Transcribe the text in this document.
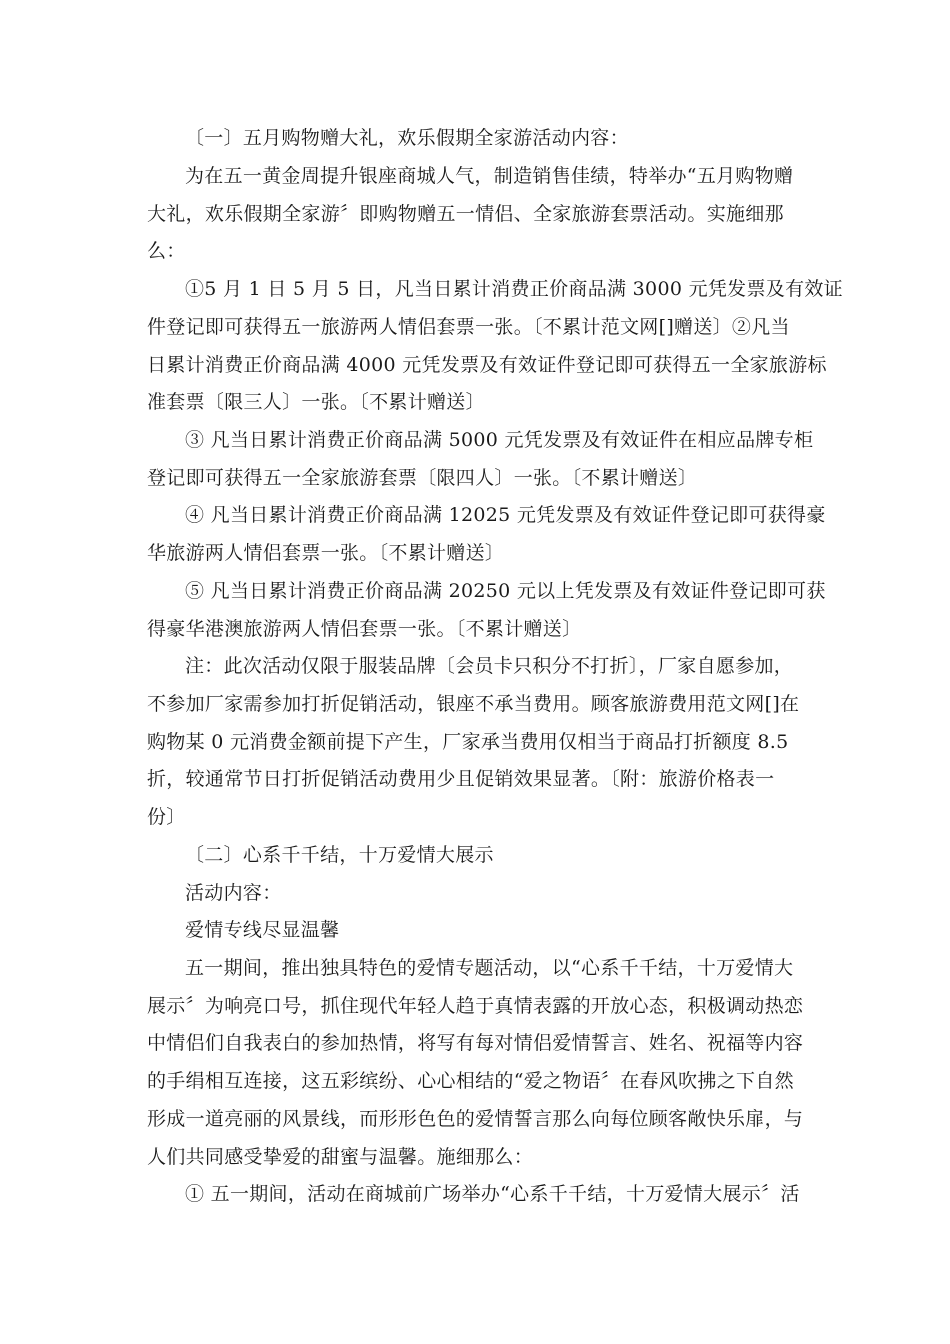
〔一〕五月购物赠大礼，欢乐假期全家游活动内容：
为在五一黄金周提升银座商城人气，制造销售佳绩，特举办“五月购物赠
大礼，欢乐假期全家游〞即购物赠五一情侣、全家旅游套票活动。实施细那
么：
①5 月 1 日 5 月 5 日，凡当日累计消费正价商品满 3000 元凭发票及有效证
件登记即可获得五一旅游两人情侣套票一张。〔不累计范文网[]赠送〕②凡当
日累计消费正价商品满 4000 元凭发票及有效证件登记即可获得五一全家旅游标
准套票〔限三人〕一张。〔不累计赠送〕
③ 凡当日累计消费正价商品满 5000 元凭发票及有效证件在相应品牌专柜
登记即可获得五一全家旅游套票〔限四人〕一张。〔不累计赠送〕
④ 凡当日累计消费正价商品满 12025 元凭发票及有效证件登记即可获得豪
华旅游两人情侣套票一张。〔不累计赠送〕
⑤ 凡当日累计消费正价商品满 20250 元以上凭发票及有效证件登记即可获
得豪华港澳旅游两人情侣套票一张。〔不累计赠送〕
注：此次活动仅限于服装品牌〔会员卡只积分不打折〕，厂家自愿参加，
不参加厂家需参加打折促销活动，银座不承当费用。顾客旅游费用范文网[]在
购物某 0 元消费金额前提下产生，厂家承当费用仅相当于商品打折额度 8.5
折，较通常节日打折促销活动费用少且促销效果显著。〔附：旅游价格表一
份〕
〔二〕心系千千结，十万爱情大展示
活动内容：
爱情专线尽显温馨
五一期间，推出独具特色的爱情专题活动，以“心系千千结，十万爱情大
展示〞为响亮口号，抓住现代年轻人趋于真情表露的开放心态，积极调动热恋
中情侣们自我表白的参加热情，将写有每对情侣爱情誓言、姓名、祝福等内容
的手绢相互连接，这五彩缤纷、心心相结的“爱之物语〞在春风吹拂之下自然
形成一道亮丽的风景线，而形形色色的爱情誓言那么向每位顾客敞快乐扉，与
人们共同感受挚爱的甜蜜与温馨。施细那么：
① 五一期间，活动在商城前广场举办“心系千千结，十万爱情大展示〞活
